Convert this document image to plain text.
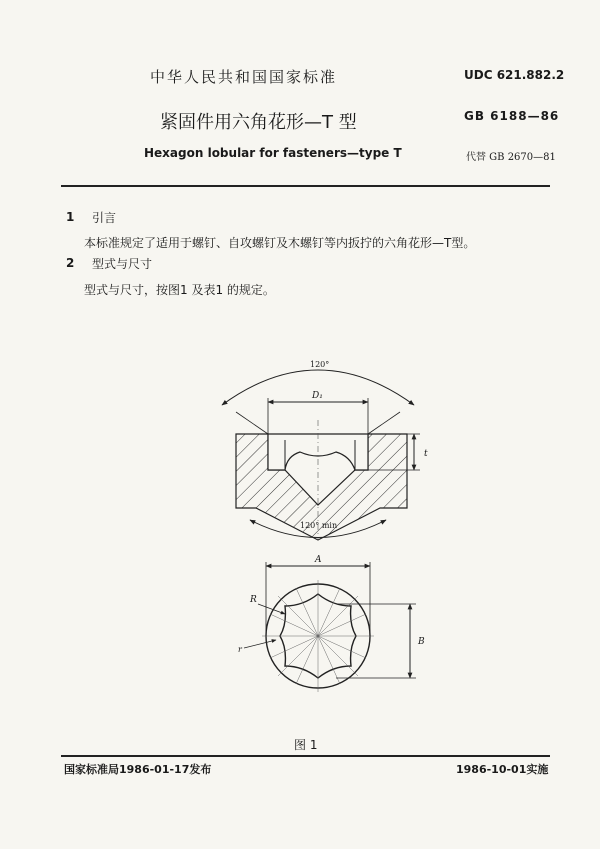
中华人民共和国国家标准	UDC 621.882.2
紧固件用六角花形—T 型	GB 6188—86
Hexagon lobular for fasteners—type T	代替 GB 2670—81
1 引言
本标准规定了适用于螺钉、自攻螺钉及木螺钉等内扳拧的六角花形—T型。
2 型式与尺寸
型式与尺寸，按图1 及表1 的规定。
120°
D₁
t
120° min
A
B
R
r
图 1
国家标准局1986-01-17发布	1986-10-01实施
